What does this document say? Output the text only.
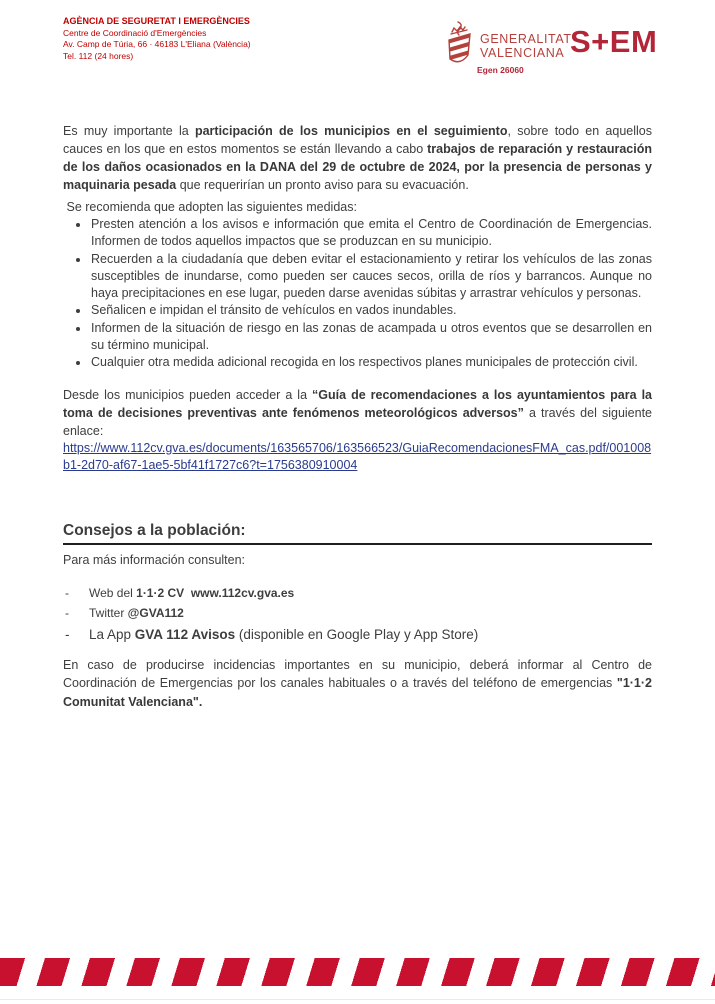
AGÈNCIA DE SEGURETAT I EMERGÈNCIES
Centre de Coordinació d'Emergències
Av. Camp de Túria, 66 · 46183 L'Eliana (València)
Tel. 112 (24 hores)
GENERALITAT
VALENCIANA
Egen 26060
S+EM

Es muy importante la participación de los municipios en el seguimiento, sobre todo en aquellos cauces en los que en estos momentos se están llevando a cabo trabajos de reparación y restauración de los daños ocasionados en la DANA del 29 de octubre de 2024, por la presencia de personas y maquinaria pesada que requerirían un pronto aviso para su evacuación.

Se recomienda que adopten las siguientes medidas:

• Presten atención a los avisos e información que emita el Centro de Coordinación de Emergencias. Informen de todos aquellos impactos que se produzcan en su municipio.
• Recuerden a la ciudadanía que deben evitar el estacionamiento y retirar los vehículos de las zonas susceptibles de inundarse, como pueden ser cauces secos, orilla de ríos y barrancos. Aunque no haya precipitaciones en ese lugar, pueden darse avenidas súbitas y arrastrar vehículos y personas.
• Señalicen e impidan el tránsito de vehículos en vados inundables.
• Informen de la situación de riesgo en las zonas de acampada u otros eventos que se desarrollen en su término municipal.
• Cualquier otra medida adicional recogida en los respectivos planes municipales de protección civil.

Desde los municipios pueden acceder a la “Guía de recomendaciones a los ayuntamientos para la toma de decisiones preventivas ante fenómenos meteorológicos adversos” a través del siguiente enlace:

https://www.112cv.gva.es/documents/163565706/163566523/GuiaRecomendacionesFMA_cas.pdf/001008b1-2d70-af67-1ae5-5bf41f1727c6?t=1756380910004
Consejos a la población:

Para más información consulten:

-	Web del 1·1·2 CV  www.112cv.gva.es
-	Twitter @GVA112
-	La App GVA 112 Avisos (disponible en Google Play y App Store)

En caso de producirse incidencias importantes en su municipio, deberá informar al Centro de Coordinación de Emergencias por los canales habituales o a través del teléfono de emergencias "1·1·2 Comunitat Valenciana".
